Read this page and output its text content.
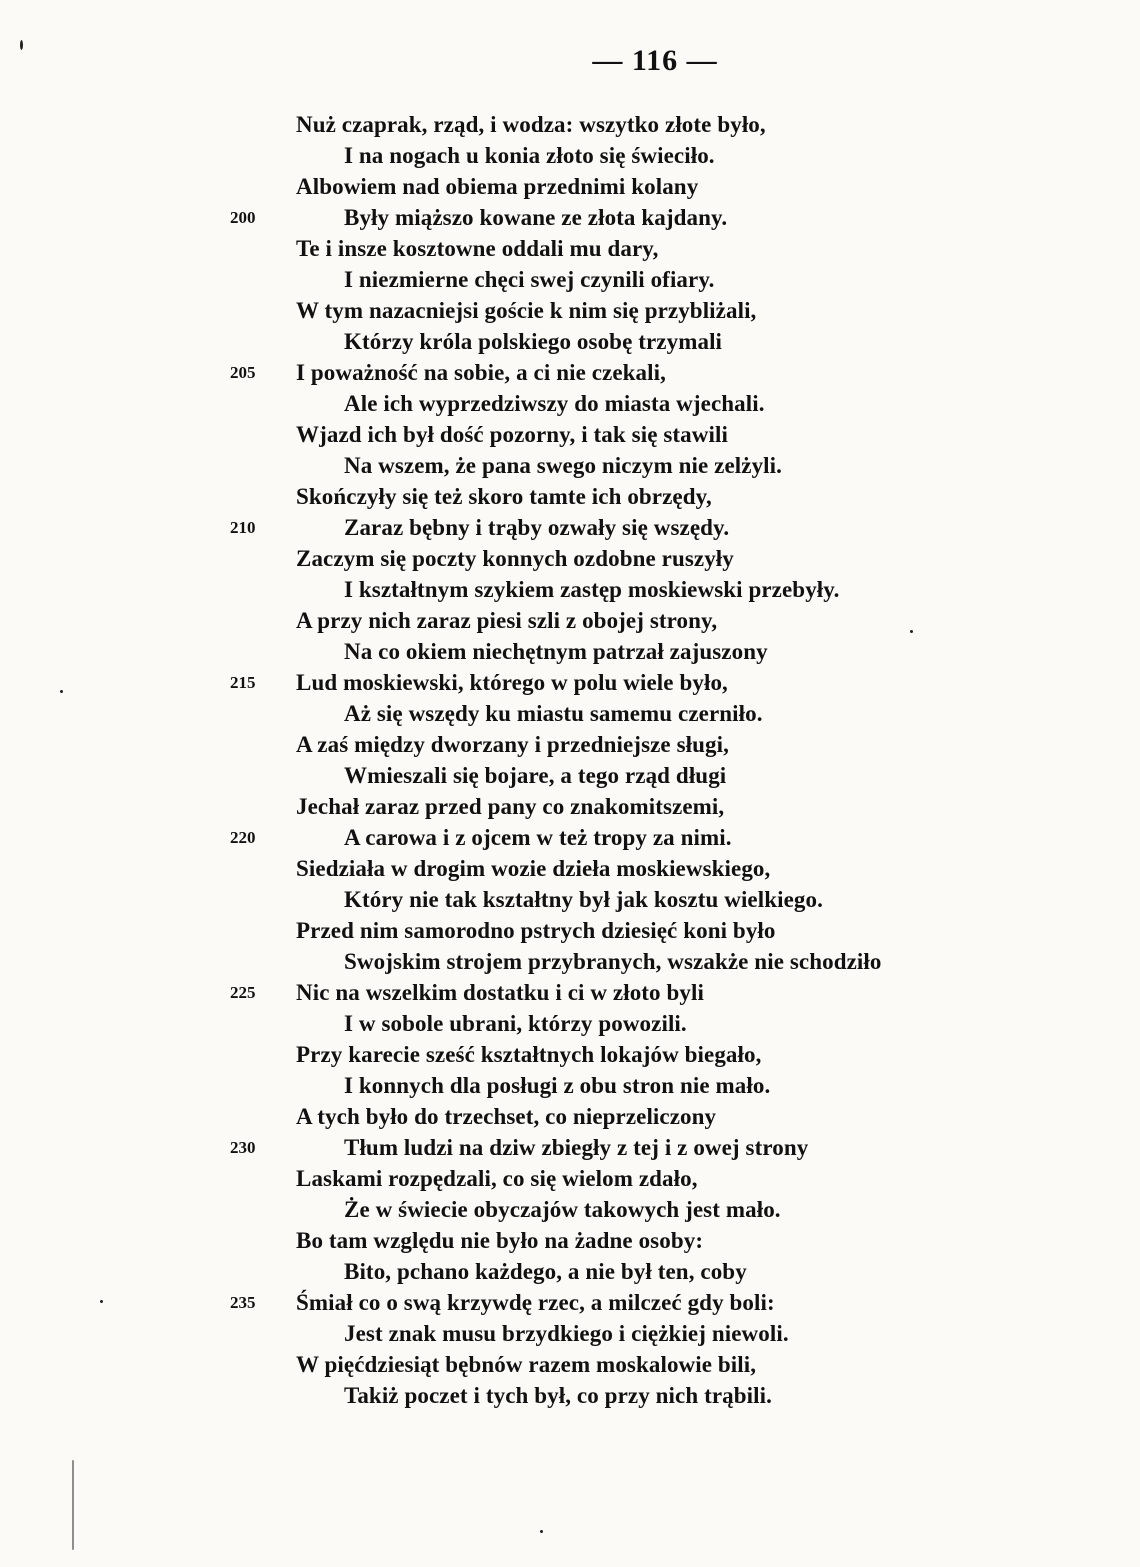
— 116 —
Nuż czaprak, rząd, i wodza: wszytko złote było,
I na nogach u konia złoto się świeciło.
Albowiem nad obiema przednimi kolany
200	Były miąższo kowane ze złota kajdany.
Te i insze kosztowne oddali mu dary,
I niezmierne chęci swej czynili ofiary.
W tym nazacniejsi goście k nim się przybliżali,
Którzy króla polskiego osobę trzymali
205	I poważność na sobie, a ci nie czekali,
Ale ich wyprzedziwszy do miasta wjechali.
Wjazd ich był dość pozorny, i tak się stawili
Na wszem, że pana swego niczym nie zelżyli.
Skończyły się też skoro tamte ich obrzędy,
210	Zaraz bębny i trąby ozwały się wszędy.
Zaczym się poczty konnych ozdobne ruszyły
I kształtnym szykiem zastęp moskiewski przebyły.
A przy nich zaraz piesi szli z obojej strony,
Na co okiem niechętnym patrzał zajuszony
215	Lud moskiewski, którego w polu wiele było,
Aż się wszędy ku miastu samemu czerniło.
A zaś między dworzany i przedniejsze sługi,
Wmieszali się bojare, a tego rząd długi
Jechał zaraz przed pany co znakomitszemi,
220	A carowa i z ojcem w też tropy za nimi.
Siedziała w drogim wozie dzieła moskiewskiego,
Który nie tak kształtny był jak kosztu wielkiego.
Przed nim samorodno pstrych dziesięć koni było
Swojskim strojem przybranych, wszakże nie schodziło
225	Nic na wszelkim dostatku i ci w złoto byli
I w sobole ubrani, którzy powozili.
Przy karecie sześć kształtnych lokajów biegało,
I konnych dla posługi z obu stron nie mało.
A tych było do trzechset, co nieprzeliczony
230	Tłum ludzi na dziw zbiegły z tej i z owej strony
Laskami rozpędzali, co się wielom zdało,
Że w świecie obyczajów takowych jest mało.
Bo tam względu nie było na żadne osoby:
Bito, pchano każdego, a nie był ten, coby
235	Śmiał co o swą krzywdę rzec, a milczeć gdy boli:
Jest znak musu brzydkiego i ciężkiej niewoli.
W pięćdziesiąt bębnów razem moskalowie bili,
Takiż poczet i tych był, co przy nich trąbili.
